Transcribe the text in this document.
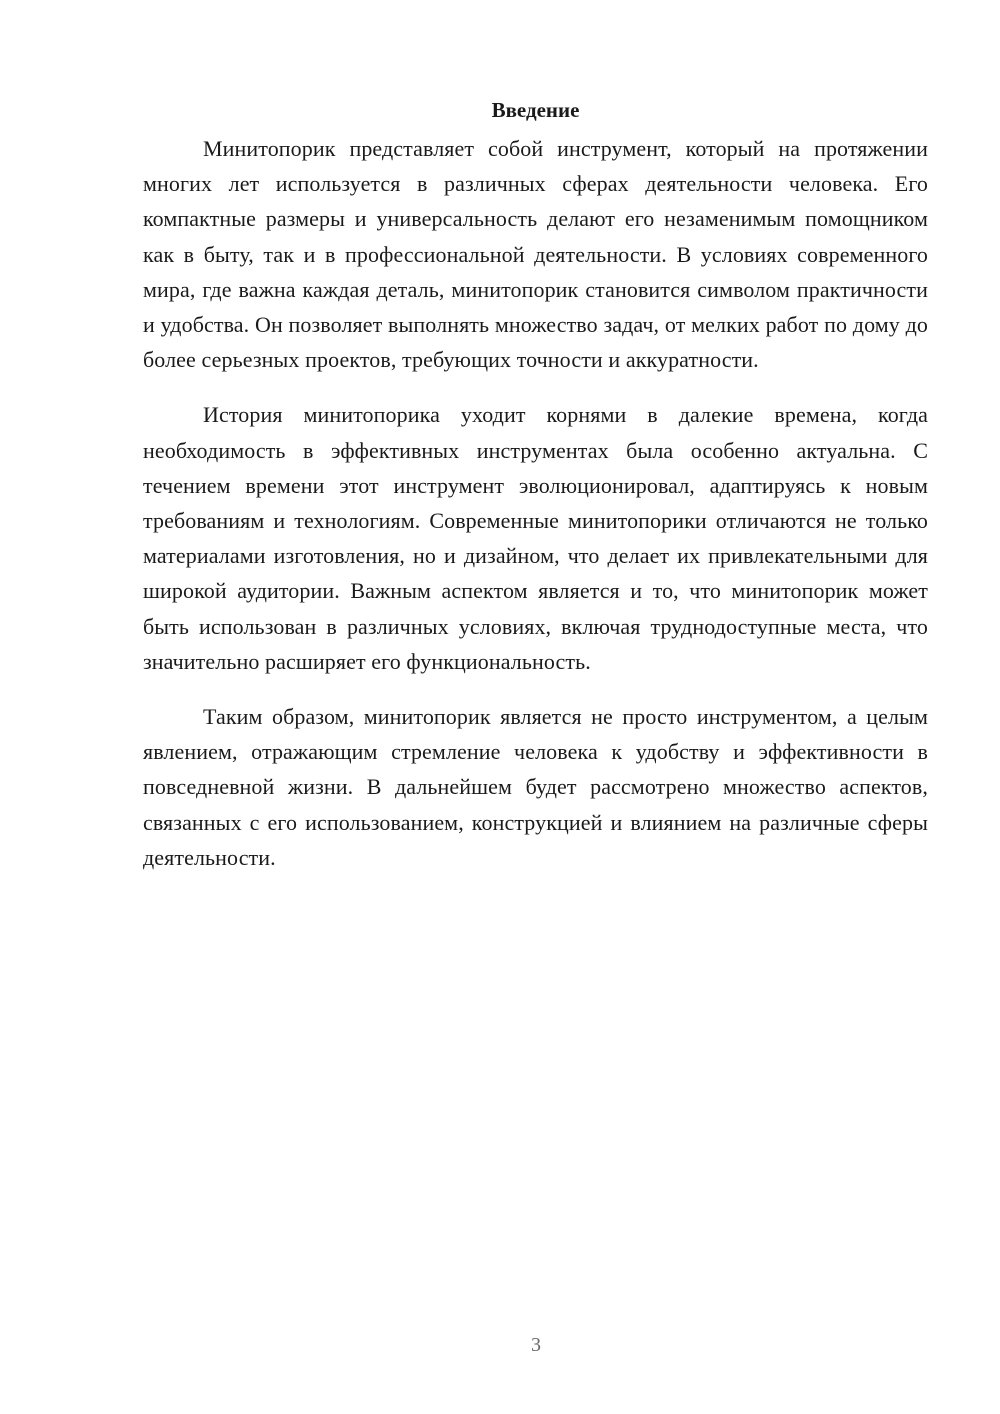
Введение

Минитопорик представляет собой инструмент, который на протяжении многих лет используется в различных сферах деятельности человека. Его компактные размеры и универсальность делают его незаменимым помощником как в быту, так и в профессиональной деятельности. В условиях современного мира, где важна каждая деталь, минитопорик становится символом практичности и удобства. Он позволяет выполнять множество задач, от мелких работ по дому до более серьезных проектов, требующих точности и аккуратности.

История минитопорика уходит корнями в далекие времена, когда необходимость в эффективных инструментах была особенно актуальна. С течением времени этот инструмент эволюционировал, адаптируясь к новым требованиям и технологиям. Современные минитопорики отличаются не только материалами изготовления, но и дизайном, что делает их привлекательными для широкой аудитории. Важным аспектом является и то, что минитопорик может быть использован в различных условиях, включая труднодоступные места, что значительно расширяет его функциональность.

Таким образом, минитопорик является не просто инструментом, а целым явлением, отражающим стремление человека к удобству и эффективности в повседневной жизни. В дальнейшем будет рассмотрено множество аспектов, связанных с его использованием, конструкцией и влиянием на различные сферы деятельности.

3
